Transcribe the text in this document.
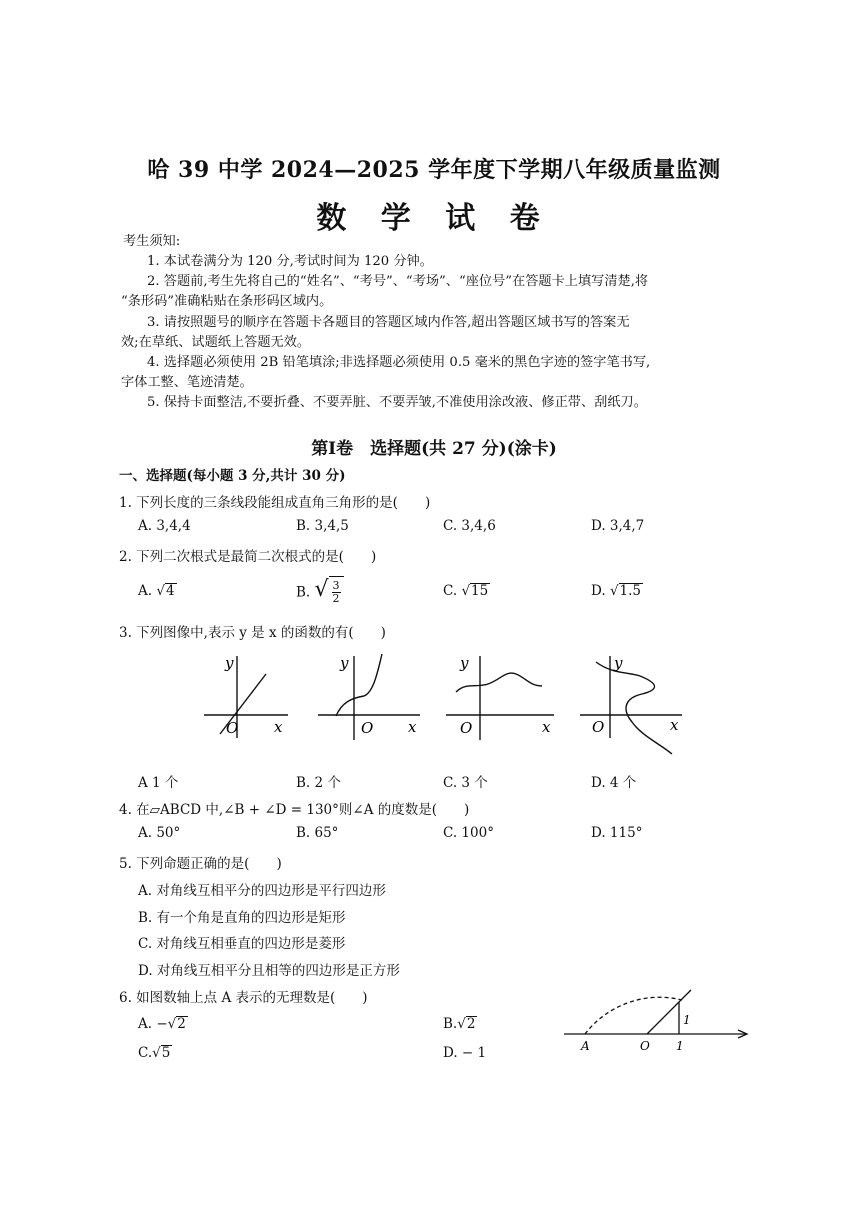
哈 39 中学 2024—2025 学年度下学期八年级质量监测
数 学 试 卷
考生须知:
1. 本试卷满分为 120 分,考试时间为 120 分钟。
2. 答题前,考生先将自己的“姓名”、“考号”、“考场”、“座位号”在答题卡上填写清楚,将
“条形码”准确粘贴在条形码区域内。
3. 请按照题号的顺序在答题卡各题目的答题区域内作答,超出答题区域书写的答案无
效;在草纸、试题纸上答题无效。
4. 选择题必须使用 2B 铅笔填涂;非选择题必须使用 0.5 毫米的黑色字迹的签字笔书写,
字体工整、笔迹清楚。
5. 保持卡面整洁,不要折叠、不要弄脏、不要弄皱,不准使用涂改液、修正带、刮纸刀。
第Ⅰ卷　选择题(共 27 分)(涂卡)
一、选择题(每小题 3 分,共计 30 分)
1. 下列长度的三条线段能组成直角三角形的是(　　)
A. 3,4,4	B. 3,4,5	C. 3,4,6	D. 3,4,7
2. 下列二次根式是最简二次根式的是(　　)
A. √ 4	B. √ $\frac{3}{2}$	C. √ 15	D. √ 1.5
3. 下列图像中,表示 y 是 x 的函数的有(　　)
y
x
O
y
x
O
y
x
O
y
x
O
A 1 个	B. 2 个	C. 3 个	D. 4 个
4. 在▱ABCD 中,∠B + ∠D = 130°则∠A 的度数是(　　)
A. 50°	B. 65°	C. 100°	D. 115°
5. 下列命题正确的是(　　)
A. 对角线互相平分的四边形是平行四边形
B. 有一个角是直角的四边形是矩形
C. 对角线互相垂直的四边形是菱形
D. 对角线互相平分且相等的四边形是正方形
6. 如图数轴上点 A 表示的无理数是(　　)
A. −√ 2	B.√ 2
C.√ 5	D. − 1	A	O 1
1
